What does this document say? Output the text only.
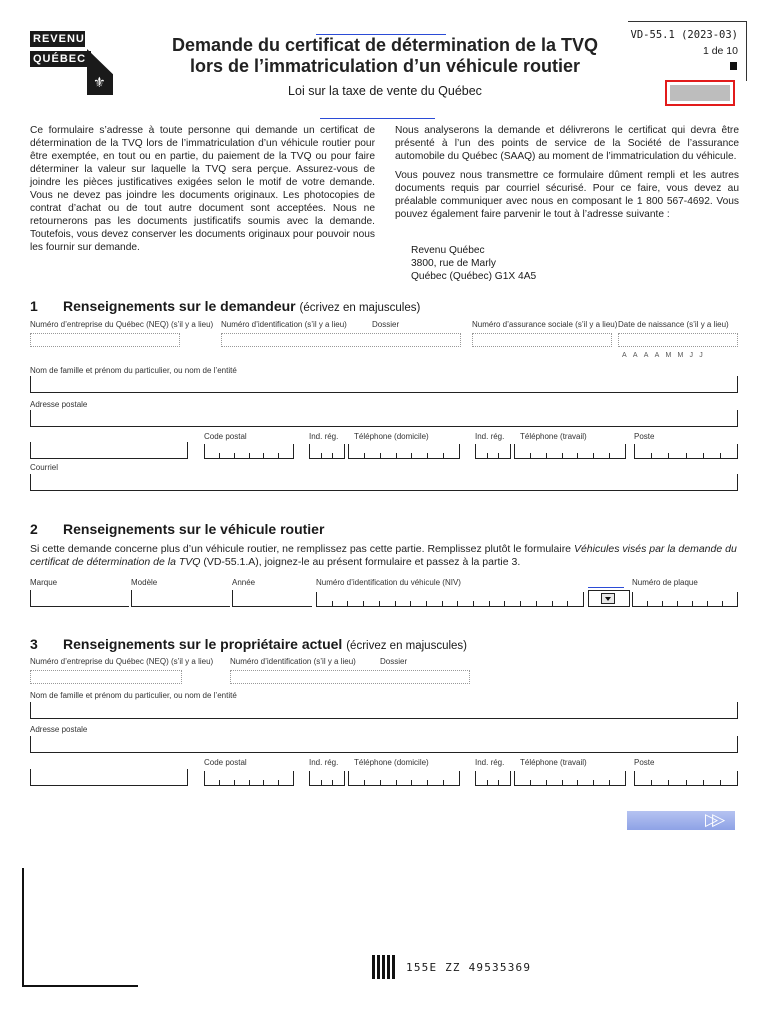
REVENU
QUÉBEC
⚜
Demande du certificat de détermination de la TVQ
lors de l’immatriculation d’un véhicule routier
Loi sur la taxe de vente du Québec
VD-55.1 (2023-03)
1 de 10

Ce formulaire s’adresse à toute personne qui demande un certificat de détermination de la TVQ lors de l’immatriculation d’un véhicule routier pour être exemptée, en tout ou en partie, du paiement de la TVQ ou pour faire déterminer la valeur sur laquelle la TVQ sera perçue. Assurez-vous de joindre les pièces justificatives exigées selon le motif de votre demande. Vous ne devez pas joindre les documents originaux. Les photocopies de contrat d’achat ou de tout autre document sont acceptées. Nous ne retournerons pas les documents justificatifs soumis avec la demande. Toutefois, vous devez conserver les documents originaux pour pouvoir nous les fournir sur demande.

Nous analyserons la demande et délivrerons le certificat qui devra être présenté à l’un des points de service de la Société de l’assurance automobile du Québec (SAAQ) au moment de l’immatriculation du véhicule.

Vous pouvez nous transmettre ce formulaire dûment rempli et les autres documents requis par courriel sécurisé. Pour ce faire, vous devez au préalable communiquer avec nous en composant le 1 800 567-4692. Vous pouvez également faire parvenir le tout à l’adresse suivante :

Revenu Québec
3800, rue de Marly
Québec (Québec) G1X 4A5
1 Renseignements sur le demandeur (écrivez en majuscules)
Numéro d’entreprise du Québec (NEQ) (s’il y a lieu) Numéro d’identification (s’il y a lieu)	Dossier	Numéro d’assurance sociale (s’il y a lieu) Date de naissance (s’il y a lieu)
AAAAMMJJ
Nom de famille et prénom du particulier, ou nom de l’entité
Adresse postale
Code postal	Ind. rég. Téléphone (domicile)	Ind. rég. Téléphone (travail)	Poste
Courriel
2 Renseignements sur le véhicule routier
Si cette demande concerne plus d’un véhicule routier, ne remplissez pas cette partie. Remplissez plutôt le formulaire Véhicules visés par la demande du certificat de détermination de la TVQ (VD-55.1.A), joignez-le au présent formulaire et passez à la partie 3.
Marque	Modèle	Année	Numéro d’identification du véhicule (NIV)	Numéro de plaque
3 Renseignements sur le propriétaire actuel (écrivez en majuscules)
Numéro d’entreprise du Québec (NEQ) (s’il y a lieu) Numéro d’identification (s’il y a lieu)	Dossier
Nom de famille et prénom du particulier, ou nom de l’entité
Adresse postale
Code postal	Ind. rég. Téléphone (domicile)	Ind. rég. Téléphone (travail)	Poste
▷▷
155E ZZ 49535369
